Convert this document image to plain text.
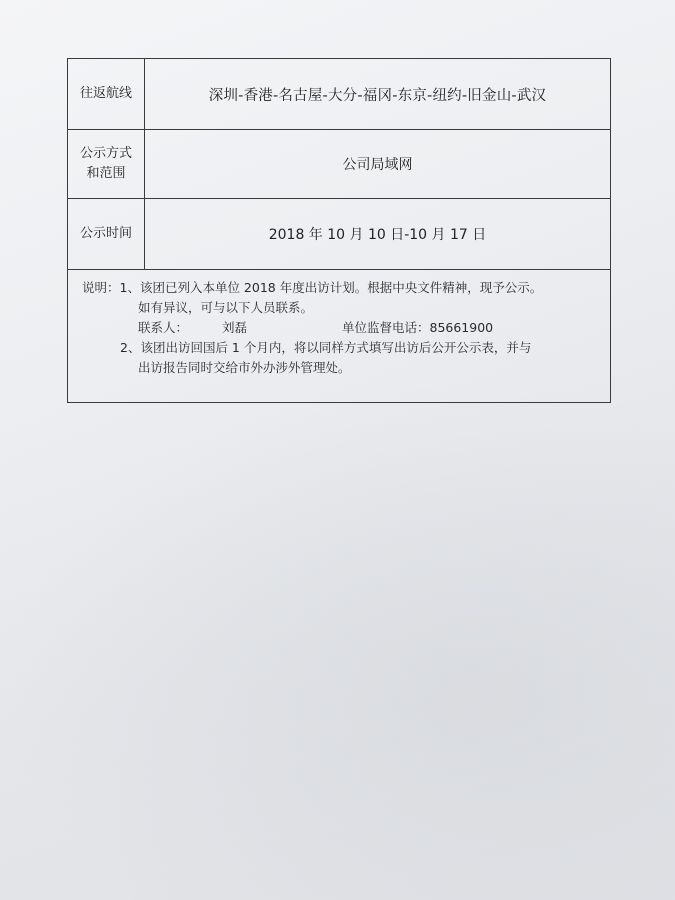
往返航线	深圳-香港-名古屋-大分-福冈-东京-纽约-旧金山-武汉

公示方式
和范围	公司局域网
公示时间	2018 年 10 月 10 日-10 月 17 日

说明：1、该团已列入本单位 2018 年度出访计划。根据中央文件精神，现予公示。
如有异议，可与以下人员联系。
联系人： 刘磊 单位监督电话：85661900
2、该团出访回国后 1 个月内，将以同样方式填写出访后公开公示表，并与
出访报告同时交给市外办涉外管理处。	
